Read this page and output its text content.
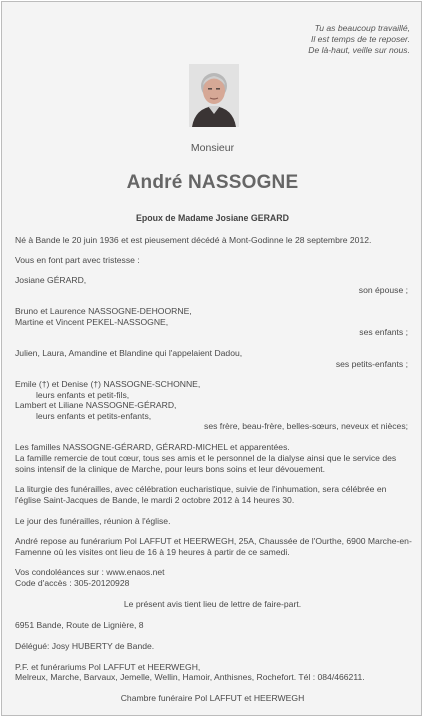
Tu as beaucoup travaillé,
Il est temps de te reposer.
De là-haut, veille sur nous.
Monsieur
André NASSOGNE
Epoux de Madame Josiane GERARD
Né à Bande le 20 juin 1936 et est pieusement décédé à Mont-Godinne le 28 septembre 2012.
Vous en font part avec tristesse :
Josiane GÉRARD,
son épouse ;
Bruno et Laurence NASSOGNE-DEHOORNE,
Martine et Vincent PEKEL-NASSOGNE,
ses enfants ;
Julien, Laura, Amandine et Blandine qui l'appelaient Dadou,
ses petits-enfants ;
Emile (†) et Denise (†) NASSOGNE-SCHONNE,
leurs enfants et petit-fils,
Lambert et Liliane NASSOGNE-GÉRARD,
leurs enfants et petits-enfants,
ses frère, beau-frère, belles-sœurs, neveux et nièces;
Les familles NASSOGNE-GÉRARD, GÉRARD-MICHEL et apparentées.
La famille remercie de tout cœur, tous ses amis et le personnel de la dialyse ainsi que le service des soins intensif de la clinique de Marche, pour leurs bons soins et leur dévouement.
La liturgie des funérailles, avec célébration eucharistique, suivie de l'inhumation, sera célébrée en l'église Saint-Jacques de Bande, le mardi 2 octobre 2012 à 14 heures 30.
Le jour des funérailles, réunion à l'église.
André repose au funérarium Pol LAFFUT et HEERWEGH, 25A, Chaussée de l'Ourthe, 6900 Marche-en-Famenne où les visites ont lieu de 16 à 19 heures à partir de ce samedi.
Vos condoléances sur : www.enaos.net
Code d'accès : 305-20120928
Le présent avis tient lieu de lettre de faire-part.
6951 Bande, Route de Lignière, 8
Délégué: Josy HUBERTY de Bande.
P.F. et funérariums Pol LAFFUT et HEERWEGH,
Melreux, Marche, Barvaux, Jemelle, Wellin, Hamoir, Anthisnes, Rochefort. Tél : 084/466211.
Chambre funéraire Pol LAFFUT et HEERWEGH
